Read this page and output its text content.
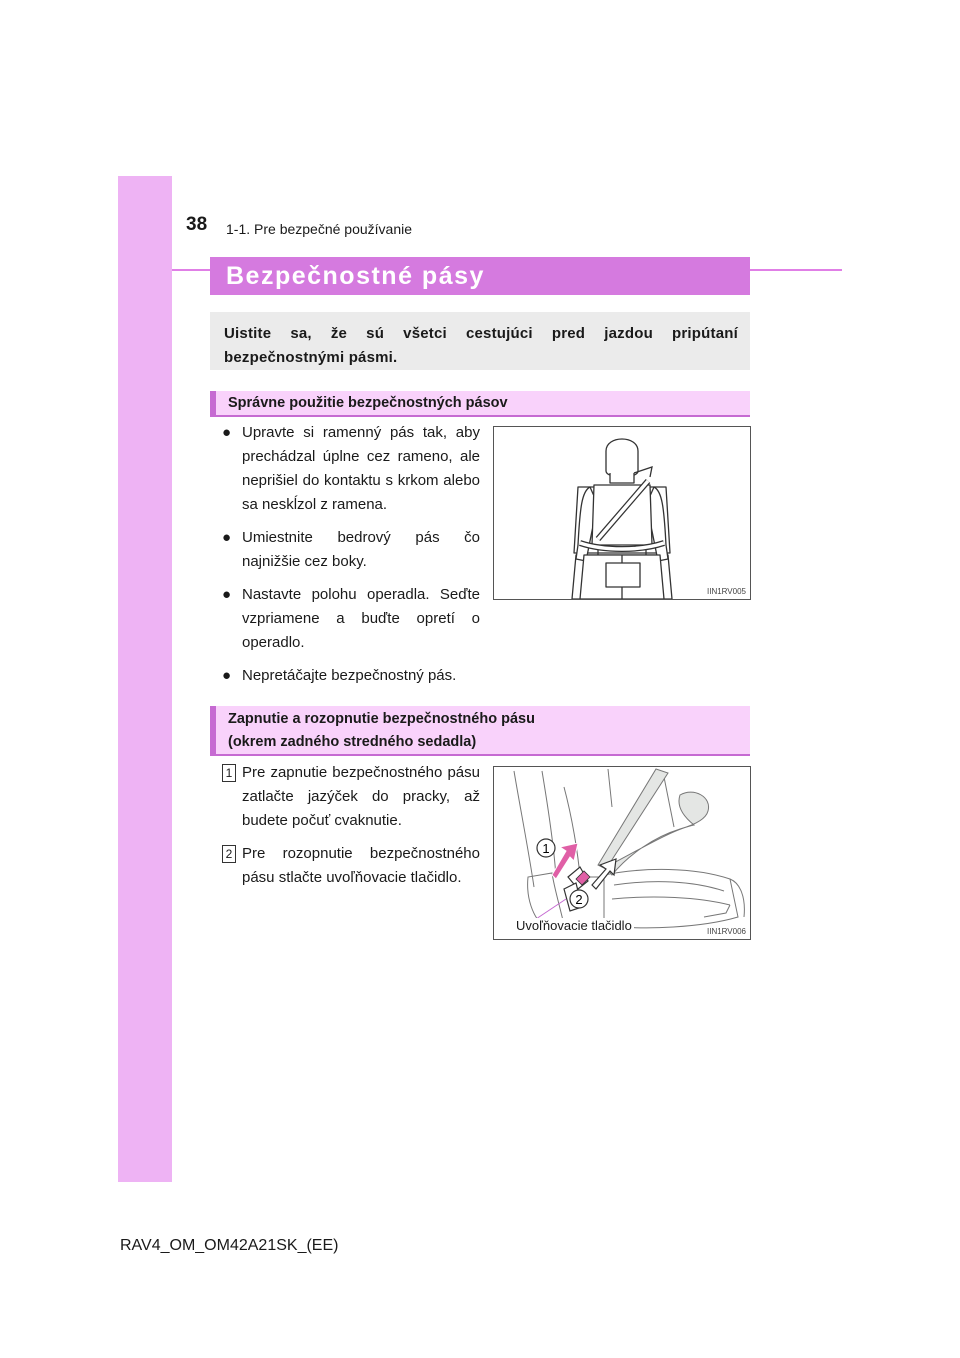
38 1-1. Pre bezpečné používanie
Bezpečnostné pásy

Uistite sa, že sú všetci cestujúci pred jazdou pripútaní bezpečnostnými pásmi.

Správne použitie bezpečnostných pásov
● Upravte si ramenný pás tak, aby prechádzal úplne cez rameno, ale neprišiel do kontaktu s krkom alebo sa neskĺzol z ramena.
● Umiestnite bedrový pás čo najnižšie cez boky.
● Nastavte polohu operadla. Seďte vzpriamene a buďte opretí o operadlo.
● Nepretáčajte bezpečnostný pás.
IIN1RV005
Zapnutie a rozopnutie bezpečnostného pásu
(okrem zadného stredného sedadla)
1 Pre zapnutie bezpečnostného pásu zatlačte jazýček do pracky, až budete počuť cvaknutie.
2 Pre rozopnutie bezpečnostného pásu stlačte uvoľňovacie tlačidlo.
1
2
Uvoľňovacie tlačidlo	IIN1RV006
RAV4_OM_OM42A21SK_(EE)
